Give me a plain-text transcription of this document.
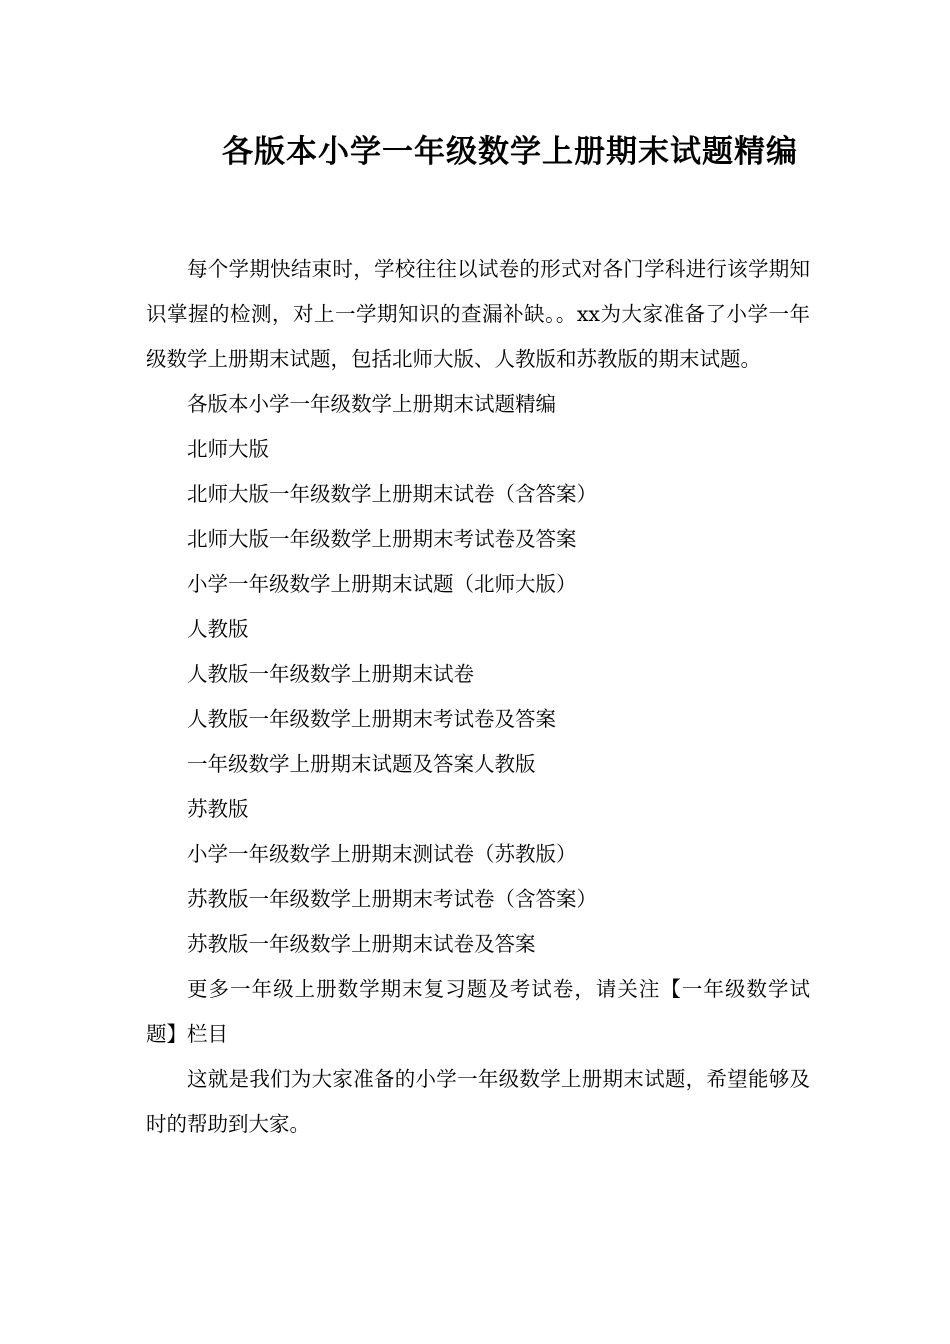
各版本小学一年级数学上册期末试题精编

每个学期快结束时，学校往往以试卷的形式对各门学科进行该学期知识掌握的检测，对上一学期知识的查漏补缺。。xx为大家准备了小学一年级数学上册期末试题，包括北师大版、人教版和苏教版的期末试题。

各版本小学一年级数学上册期末试题精编

北师大版

北师大版一年级数学上册期末试卷（含答案）

北师大版一年级数学上册期末考试卷及答案

小学一年级数学上册期末试题（北师大版）

人教版

人教版一年级数学上册期末试卷

人教版一年级数学上册期末考试卷及答案

一年级数学上册期末试题及答案人教版

苏教版

小学一年级数学上册期末测试卷（苏教版）

苏教版一年级数学上册期末考试卷（含答案）

苏教版一年级数学上册期末试卷及答案

更多一年级上册数学期末复习题及考试卷，请关注【一年级数学试题】栏目

这就是我们为大家准备的小学一年级数学上册期末试题，希望能够及时的帮助到大家。
